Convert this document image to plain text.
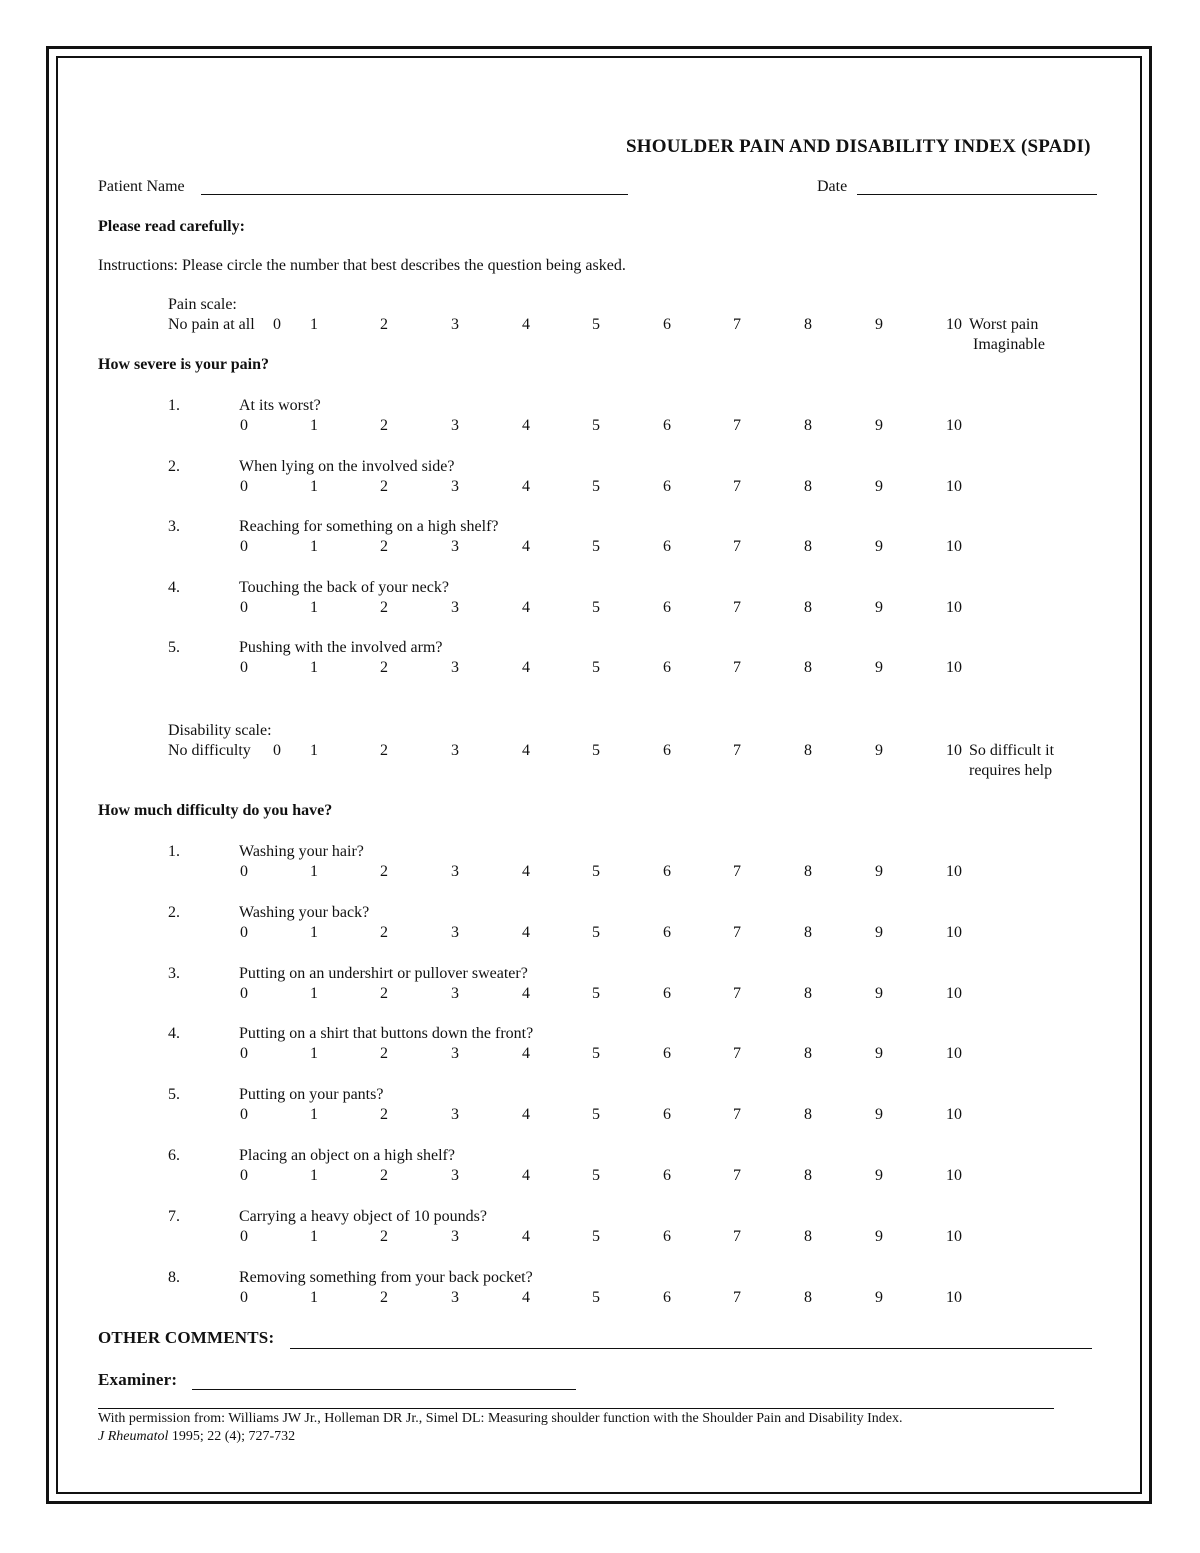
SHOULDER PAIN AND DISABILITY INDEX (SPADI)
Patient Name	Date
Please read carefully:
Instructions: Please circle the number that best describes the question being asked.
Pain scale:
No pain at all	0	1	2	3	4	5	6	7	8	9	10 Worst pain
Imaginable
How severe is your pain?
1.	At its worst?
0	1	2	3	4	5	6	7	8	9	10
2.	When lying on the involved side?
0	1	2	3	4	5	6	7	8	9	10
3.	Reaching for something on a high shelf?
0	1	2	3	4	5	6	7	8	9	10
4.	Touching the back of your neck?
0	1	2	3	4	5	6	7	8	9	10
5.	Pushing with the involved arm?
0	1	2	3	4	5	6	7	8	9	10
Disability scale:
No difficulty	0	1	2	3	4	5	6	7	8	9	10 So difficult it
requires help
How much difficulty do you have?
1.	Washing your hair?
0	1	2	3	4	5	6	7	8	9	10
2.	Washing your back?
0	1	2	3	4	5	6	7	8	9	10
3.	Putting on an undershirt or pullover sweater?
0	1	2	3	4	5	6	7	8	9	10
4.	Putting on a shirt that buttons down the front?
0	1	2	3	4	5	6	7	8	9	10
5.	Putting on your pants?
0	1	2	3	4	5	6	7	8	9	10
6.	Placing an object on a high shelf?
0	1	2	3	4	5	6	7	8	9	10
7.	Carrying a heavy object of 10 pounds?
0	1	2	3	4	5	6	7	8	9	10
8.	Removing something from your back pocket?
0	1	2	3	4	5	6	7	8	9	10
OTHER COMMENTS:
Examiner:
With permission from: Williams JW Jr., Holleman DR Jr., Simel DL: Measuring shoulder function with the Shoulder Pain and Disability Index.
J Rheumatol 1995; 22 (4); 727-732
